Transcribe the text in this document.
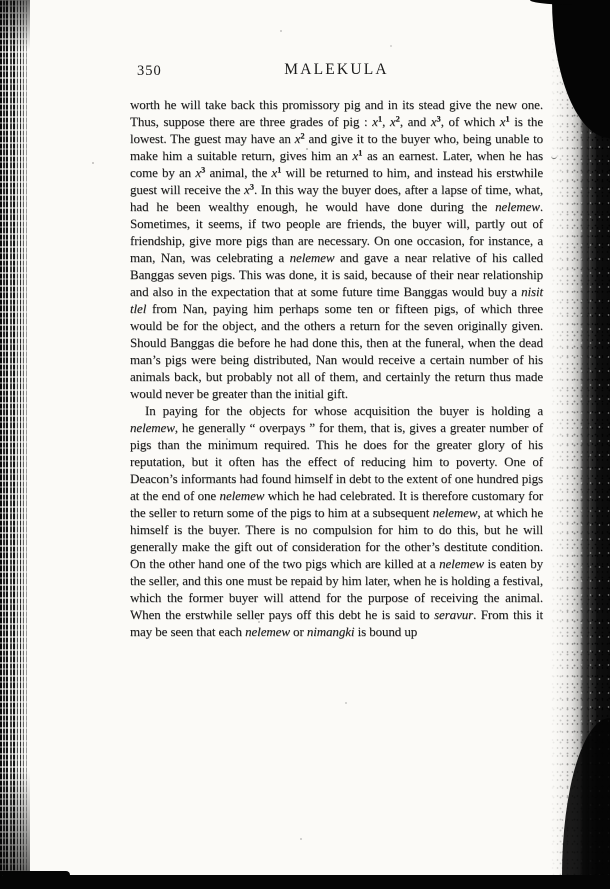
350	MALEKULA

worth he will take back this promissory pig and in its stead give the new one. Thus, suppose there are three grades of pig : $x^1$, $x^2$, and $x^3$, of which $x^1$ is the lowest. The guest may have an $x^2$ and give it to the buyer who, being unable to make him a suitable return, gives him an $x^1$ as an earnest. Later, when he has come by an $x^3$ animal, the $x^1$ will be returned to him, and instead his erstwhile guest will receive the $x^3$. In this way the buyer does, after a lapse of time, what, had he been wealthy enough, he would have done during the nelemew. Sometimes, it seems, if two people are friends, the buyer will, partly out of friendship, give more pigs than are necessary. On one occasion, for instance, a man, Nan, was celebrating a nelemew and gave a near relative of his called Banggas seven pigs. This was done, it is said, because of their near relationship and also in the expectation that at some future time Banggas would buy a nisit tlel from Nan, paying him perhaps some ten or fifteen pigs, of which three would be for the object, and the others a return for the seven originally given. Should Banggas die before he had done this, then at the funeral, when the dead man’s pigs were being distributed, Nan would receive a certain number of his animals back, but probably not all of them, and certainly the return thus made would never be greater than the initial gift.

In paying for the objects for whose acquisition the buyer is holding a nelemew, he generally “ overpays ” for them, that is, gives a greater number of pigs than the minimum required. This he does for the greater glory of his reputation, but it often has the effect of reducing him to poverty. One of Deacon’s informants had found himself in debt to the extent of one hundred pigs at the end of one nelemew which he had celebrated. It is therefore customary for the seller to return some of the pigs to him at a subsequent nelemew, at which he himself is the buyer. There is no compulsion for him to do this, but he will generally make the gift out of consideration for the other’s destitute condition. On the other hand one of the two pigs which are killed at a nelemew is eaten by the seller, and this one must be repaid by him later, when he is holding a festival, which the former buyer will attend for the purpose of receiving the animal. When the erstwhile seller pays off this debt he is said to seravur. From this it may be seen that each nelemew or nimangki is bound up
